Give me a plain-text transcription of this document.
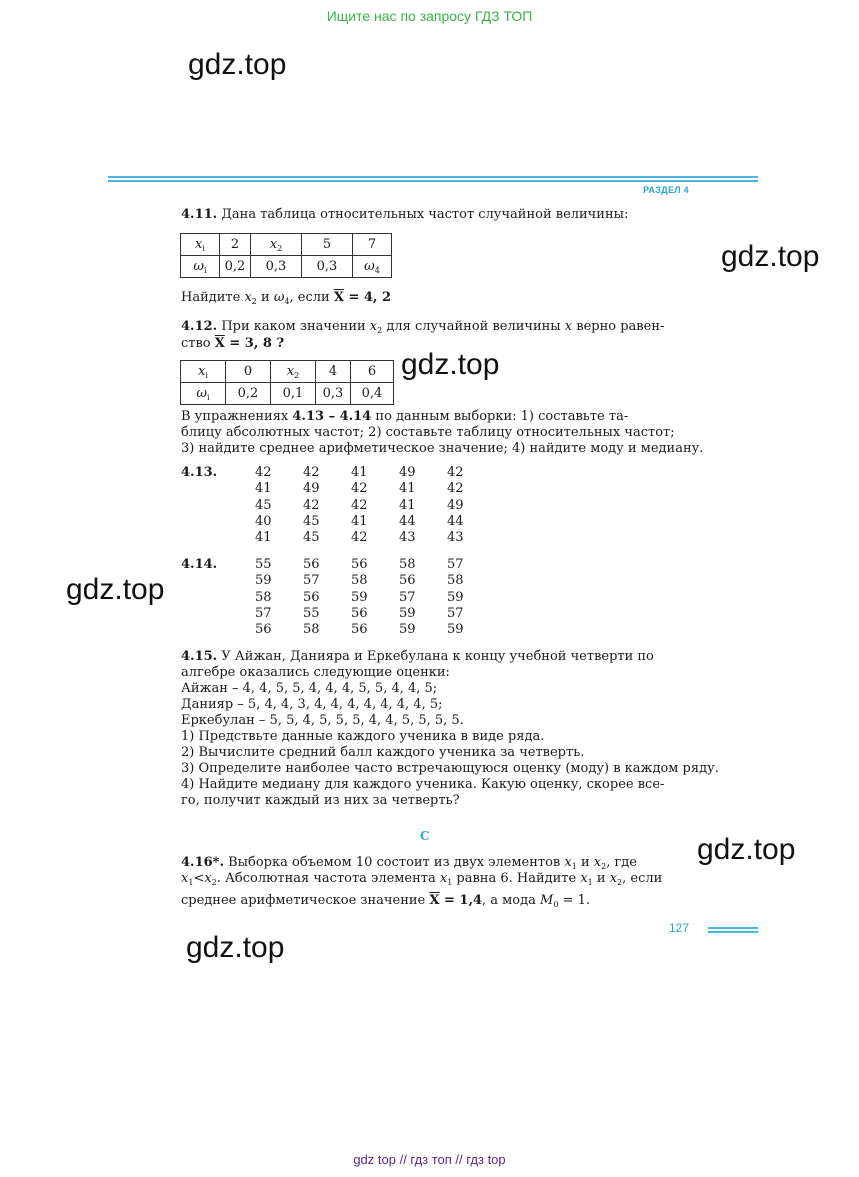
Ищите нас по запросу ГДЗ ТОП
gdz.top
gdz.top
gdz.top
gdz.top
gdz.top
gdz.top
РАЗДЕЛ 4
4.11. Дана таблица относительных частот случайной величины:
$x_i$	2	$x_2$	5	7
$\omega_i$	0,2	0,3	0,3	$\omega_4$
Найдите $x_2$ и $\omega_4$, если $\overline{X} = 4$, 2
4.12. При каком значении $x_2$ для случайной величины x верно равен-
ство $\overline{X} = 3$, 8 ?
$x_i$	0	$x_2$	4	6
$\omega_i$	0,2	0,1	0,3	0,4
В упражнениях 4.13 – 4.14 по данным выборки: 1) составьте та-
блицу абсолютных частот; 2) составьте таблицу относительных частот;
3) найдите среднее арифметическое значение; 4) найдите моду и медиану.
4.13.	42	42	41	49	42
41	49	42	41	42
45	42	42	41	49
40	45	41	44	44
41	45	42	43	43
4.14.	55	56	56	58	57
59	57	58	56	58
58	56	59	57	59
57	55	56	59	57
56	58	56	59	59
4.15. У Айжан, Данияра и Еркебулана к концу учебной четверти по
алгебре оказались следующие оценки:
Айжан – 4, 4, 5, 5, 4, 4, 4, 5, 5, 4, 4, 5;
Данияр – 5, 4, 4, 3, 4, 4, 4, 4, 4, 4, 4, 5;
Еркебулан – 5, 5, 4, 5, 5, 5, 4, 4, 5, 5, 5, 5.
1) Предствьте данные каждого ученика в виде ряда.
2) Вычислите средний балл каждого ученика за четверть.
3) Определите наиболее часто встречающуюся оценку (моду) в каждом ряду.
4) Найдите медиану для каждого ученика. Какую оценку, скорее все-
го, получит каждый из них за четверть?
C
4.16*. Выборка объемом 10 состоит из двух элементов $x_1$ и $x_2$, где
$x_1<x_2$. Абсолютная частота элемента $x_1$ равна 6. Найдите $x_1$ и $x_2$, если
среднее арифметическое значение $\overline{X} = 1,4$, а мода $M_0 = 1$.
127
gdz top // гдз топ // гдз top
